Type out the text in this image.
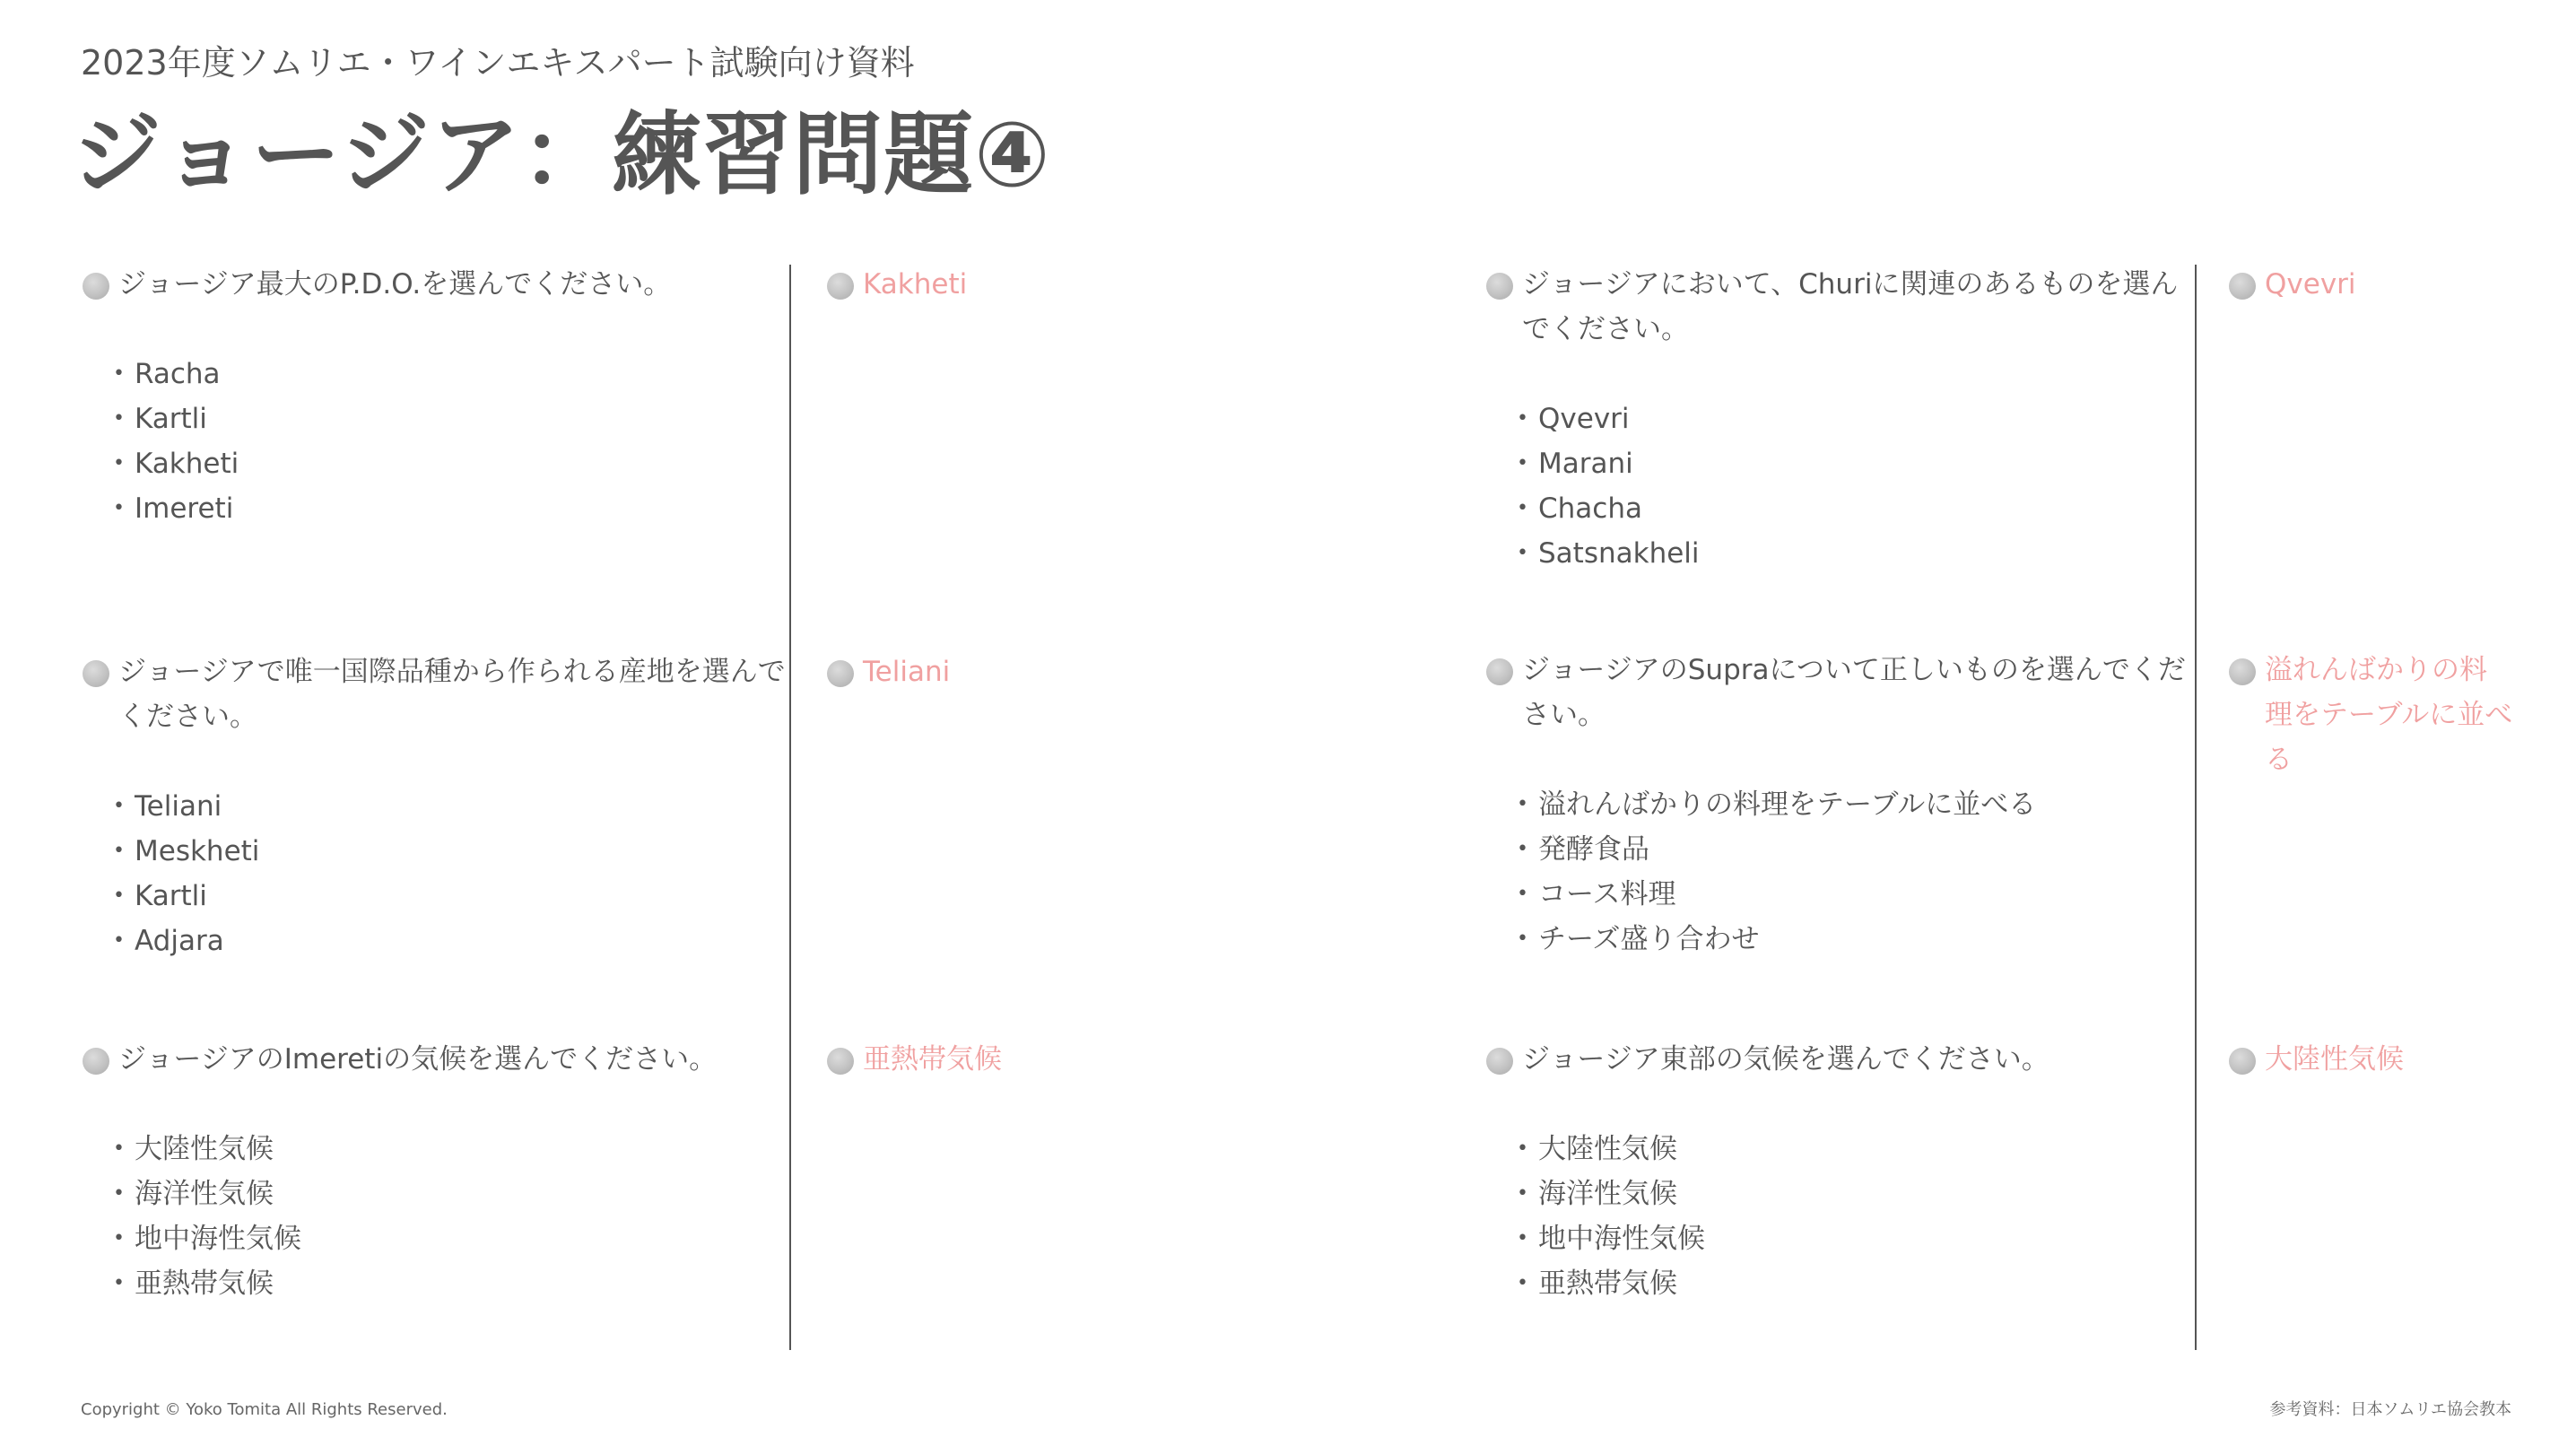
2023年度ソムリエ・ワインエキスパート試験向け資料
ジョージア：練習問題④
ジョージア最大のP.D.O.を選んでください。
• Racha
• Kartli
• Kakheti
• Imereti
Kakheti
ジョージアで唯一国際品種から作られる産地を選んで
ください。
• Teliani
• Meskheti
• Kartli
• Adjara
Teliani
ジョージアのImeretiの気候を選んでください。
• 大陸性気候
• 海洋性気候
• 地中海性気候
• 亜熱帯気候
亜熱帯気候
ジョージアにおいて、Churiに関連のあるものを選ん
でください。
• Qvevri
• Marani
• Chacha
• Satsnakheli
Qvevri
ジョージアのSupraについて正しいものを選んでくだ
さい。
• 溢れんばかりの料理をテーブルに並べる
• 発酵食品
• コース料理
• チーズ盛り合わせ
溢れんばかりの料
理をテーブルに並べ
る
ジョージア東部の気候を選んでください。
• 大陸性気候
• 海洋性気候
• 地中海性気候
• 亜熱帯気候
大陸性気候
Copyright © Yoko Tomita All Rights Reserved.	参考資料：日本ソムリエ協会教本
